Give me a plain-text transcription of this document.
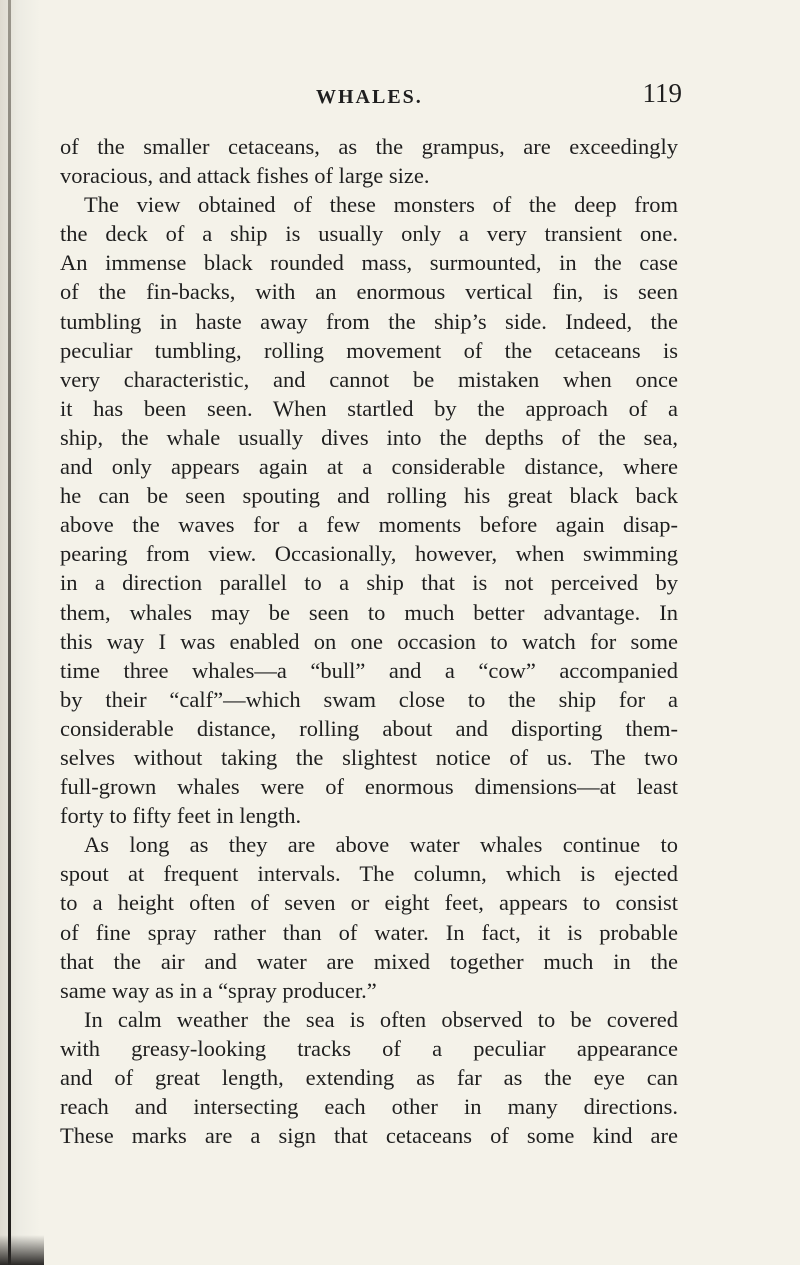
WHALES.	119
of the smaller cetaceans, as the grampus, are exceedingly
voracious, and attack fishes of large size.
The view obtained of these monsters of the deep from
the deck of a ship is usually only a very transient one.
An immense black rounded mass, surmounted, in the case
of the fin-backs, with an enormous vertical fin, is seen
tumbling in haste away from the ship’s side. Indeed, the
peculiar tumbling, rolling movement of the cetaceans is
very characteristic, and cannot be mistaken when once
it has been seen. When startled by the approach of a
ship, the whale usually dives into the depths of the sea,
and only appears again at a considerable distance, where
he can be seen spouting and rolling his great black back
above the waves for a few moments before again disap-
pearing from view. Occasionally, however, when swimming
in a direction parallel to a ship that is not perceived by
them, whales may be seen to much better advantage. In
this way I was enabled on one occasion to watch for some
time three whales—a “bull” and a “cow” accompanied
by their “calf”—which swam close to the ship for a
considerable distance, rolling about and disporting them-
selves without taking the slightest notice of us. The two
full-grown whales were of enormous dimensions—at least
forty to fifty feet in length.
As long as they are above water whales continue to
spout at frequent intervals. The column, which is ejected
to a height often of seven or eight feet, appears to consist
of fine spray rather than of water. In fact, it is probable
that the air and water are mixed together much in the
same way as in a “spray producer.”
In calm weather the sea is often observed to be covered
with greasy-looking tracks of a peculiar appearance
and of great length, extending as far as the eye can
reach and intersecting each other in many directions.
These marks are a sign that cetaceans of some kind are
